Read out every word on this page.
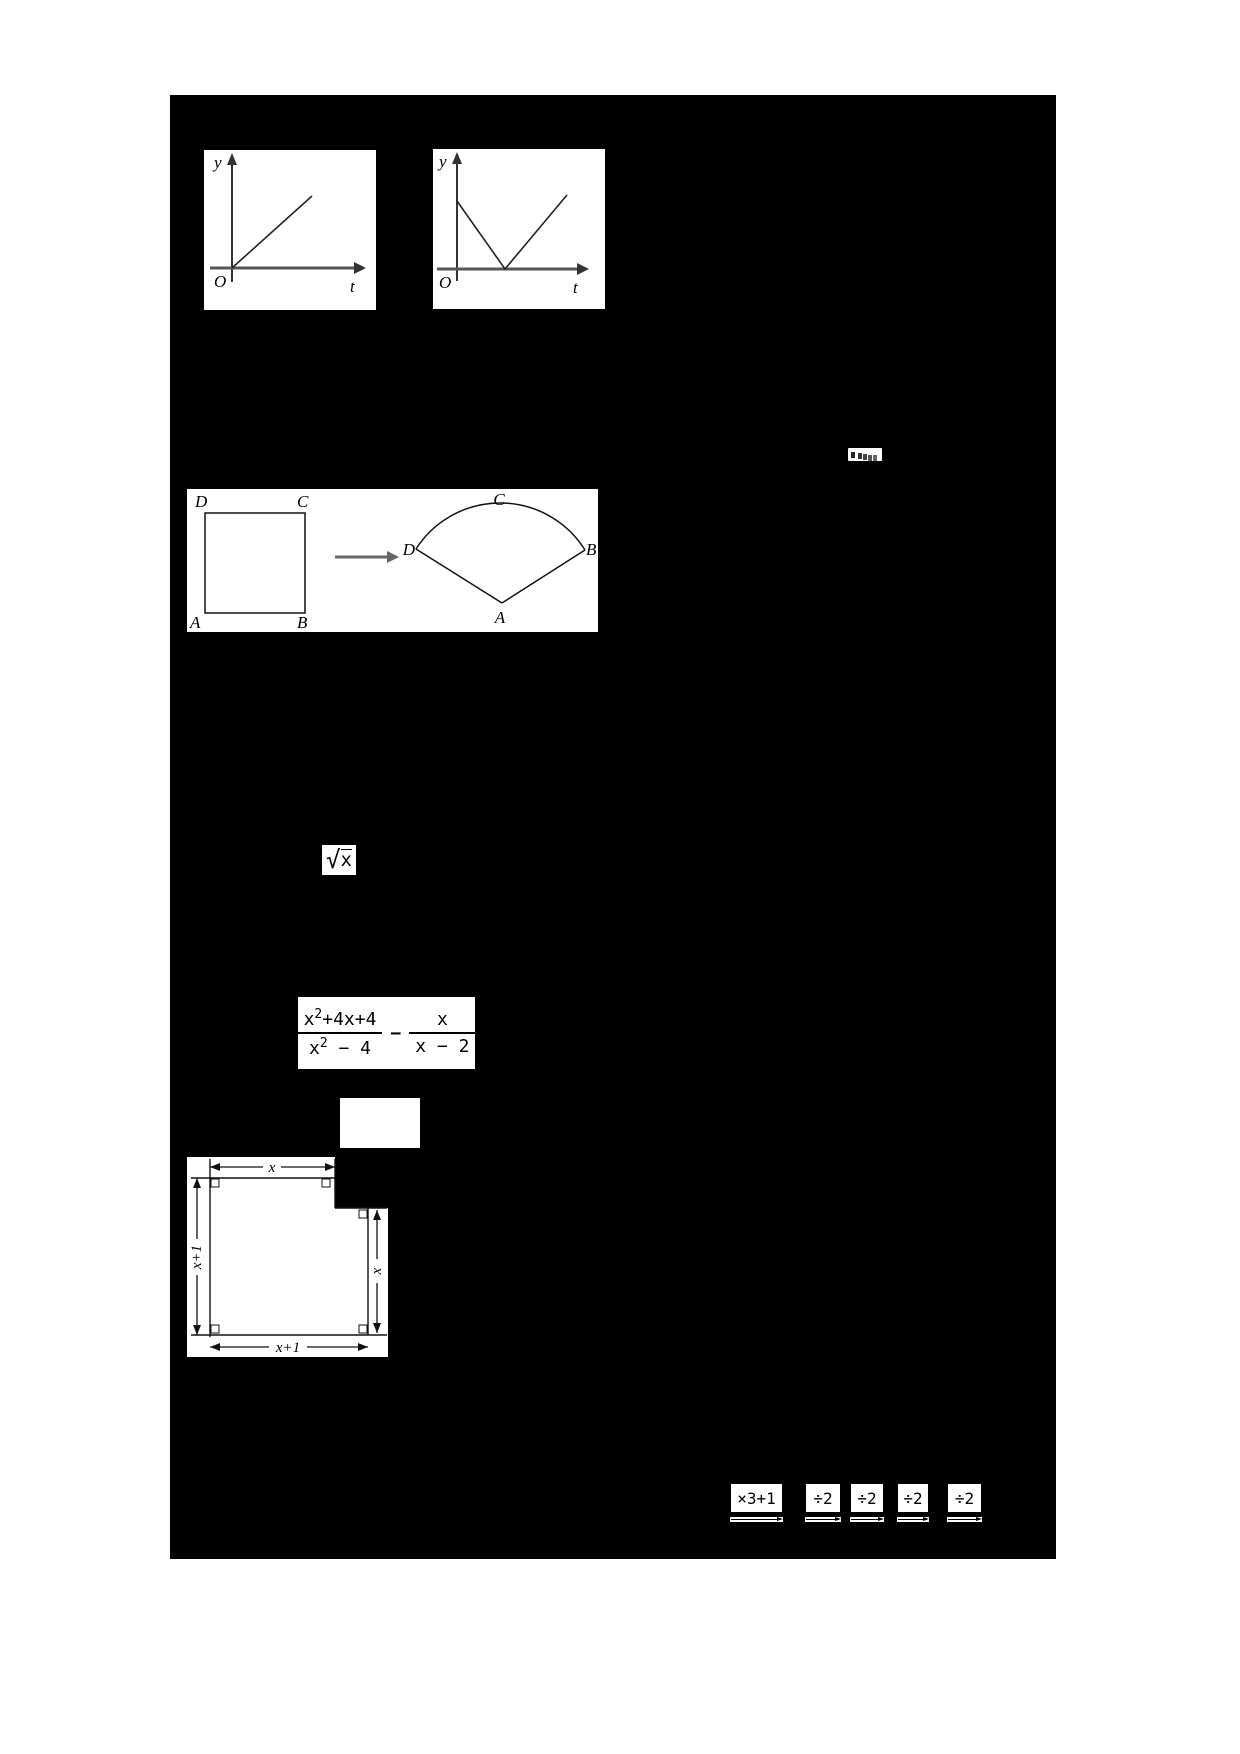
y
O	t
y
O	t
D	C
A	B
C
D	B
A
√ x
$\frac{x^2+4x+4}{x^2 - 4} - \frac{x}{x - 2}$
x
x+1
x
x+1
×3+1	÷2	÷2	÷2	÷2
